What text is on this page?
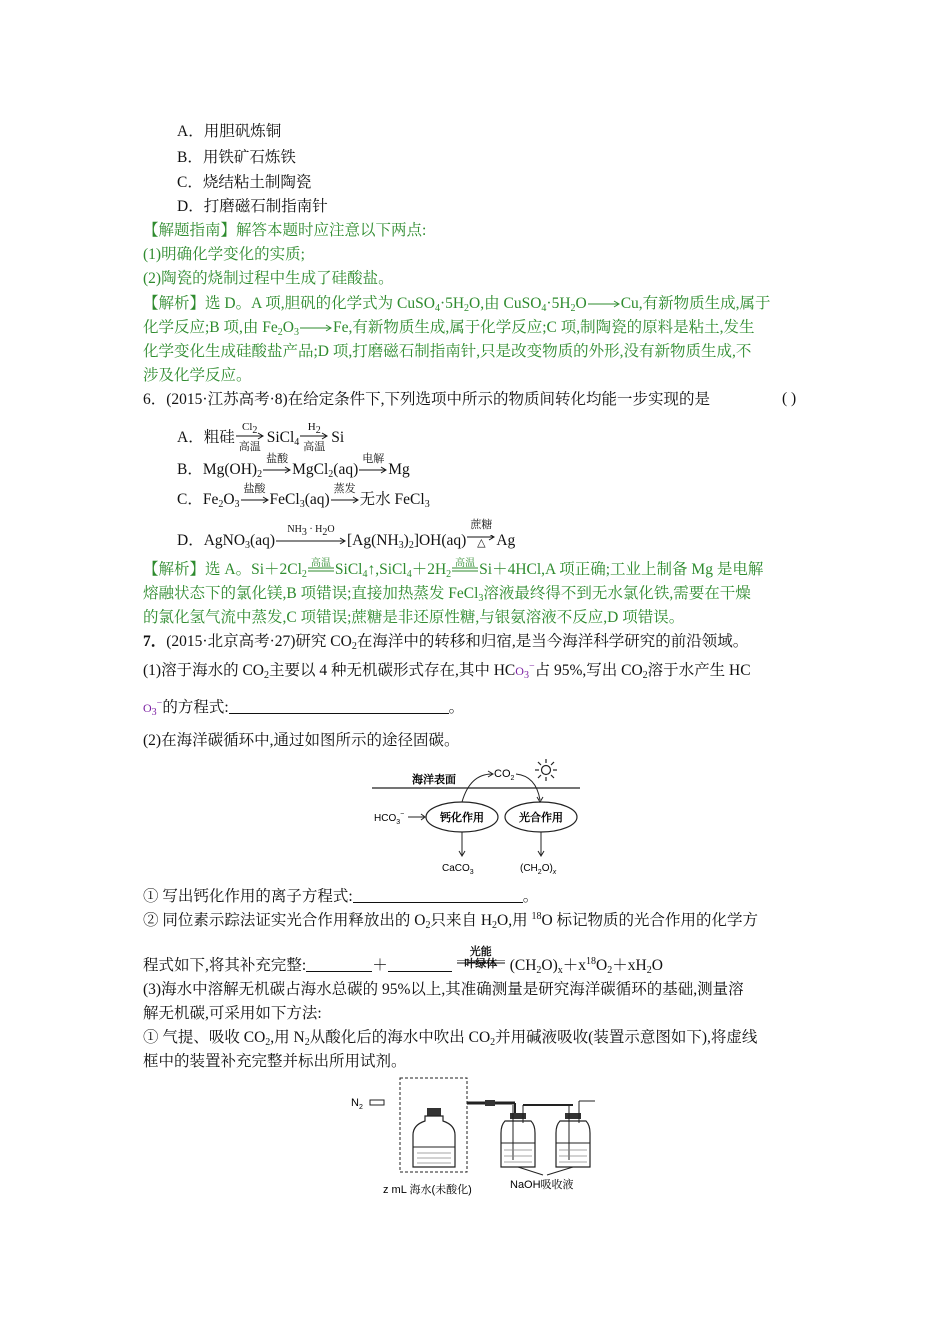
A．用胆矾炼铜
B．用铁矿石炼铁
C．烧结粘土制陶瓷
D．打磨磁石制指南针
【解题指南】解答本题时应注意以下两点:
(1)明确化学变化的实质;
(2)陶瓷的烧制过程中生成了硅酸盐。
【解析】选 D。A 项,胆矾的化学式为 $CuSO_4\cdot 5H_2O$,由 $CuSO_4\cdot 5H_2O\to Cu$,有新物质生成,属于
化学反应;B 项,由 $Fe_2O_3\to Fe$,有新物质生成,属于化学反应;C 项,制陶瓷的原料是粘土,发生
化学变化生成硅酸盐产品;D 项,打磨磁石制指南针,只是改变物质的外形,没有新物质生成,不
涉及化学反应。
6．(2015·江苏高考·8)在给定条件下,下列选项中所示的物质间转化均能一步实现的是	( )
A．粗硅
$Cl_2$
高温
SiCl$_4$
$H_2$
高温
Si
B．$Mg(OH)_2$
盐酸
MgCl$_2$(aq)
电解
Mg
C．$Fe_2O_3$
盐酸
FeCl$_3$(aq)
蒸发
无水 FeCl$_3$
D．AgNO$_3$(aq)
$NH_3 \cdot H_2O$
$[Ag(NH_3)_2]OH(aq)$
蔗糖
△ Ag
【解析】选 A。$Si+2Cl_2$
高温 $SiCl_4↑,SiCl_4+2H_2$
高温 Si＋4HCl,A 项正确;工业上制备 Mg 是电解
熔融状态下的氯化镁,B 项错误;直接加热蒸发 FeCl$_3$溶液最终得不到无水氯化铁,需要在干燥
的氯化氢气流中蒸发,C 项错误;蔗糖是非还原性糖,与银氨溶液不反应,D 项错误。
7．(2015·北京高考·27)研究 $CO_2$在海洋中的转移和归宿,是当今海洋科学研究的前沿领域。
(1)溶于海水的 $CO_2$主要以 4 种无机碳形式存在,其中 $HCO_3^-$占 95%,写出 $CO_2$溶于水产生 HC
$O_3^-$的方程式:	。
(2)在海洋碳循环中,通过如图所示的途径固碳。
海洋表面	$CO_2$
$HCO_3^-$	钙化作用	光合作用
CaCO$_3$	$(CH_2O)_x$
① 写出钙化作用的离子方程式:	。
② 同位素示踪法证实光合作用释放出的 $O_2$只来自 $H_2O$,用 $^{18}$O 标记物质的光合作用的化学方
程式如下,将其补充完整:	＋
光能
叶绿体 $(CH_2O)_x+x^{18}O_2+xH_2O$
(3)海水中溶解无机碳占海水总碳的 95%以上,其准确测量是研究海洋碳循环的基础,测量溶
解无机碳,可采用如下方法:
① 气提、吸收 $CO_2$,用 $N_2$从酸化后的海水中吹出 $CO_2$并用碱液吸收(装置示意图如下),将虚线
框中的装置补充完整并标出所用试剂。
$N_2$
z mL 海水(未酸化)	NaOH吸收液
